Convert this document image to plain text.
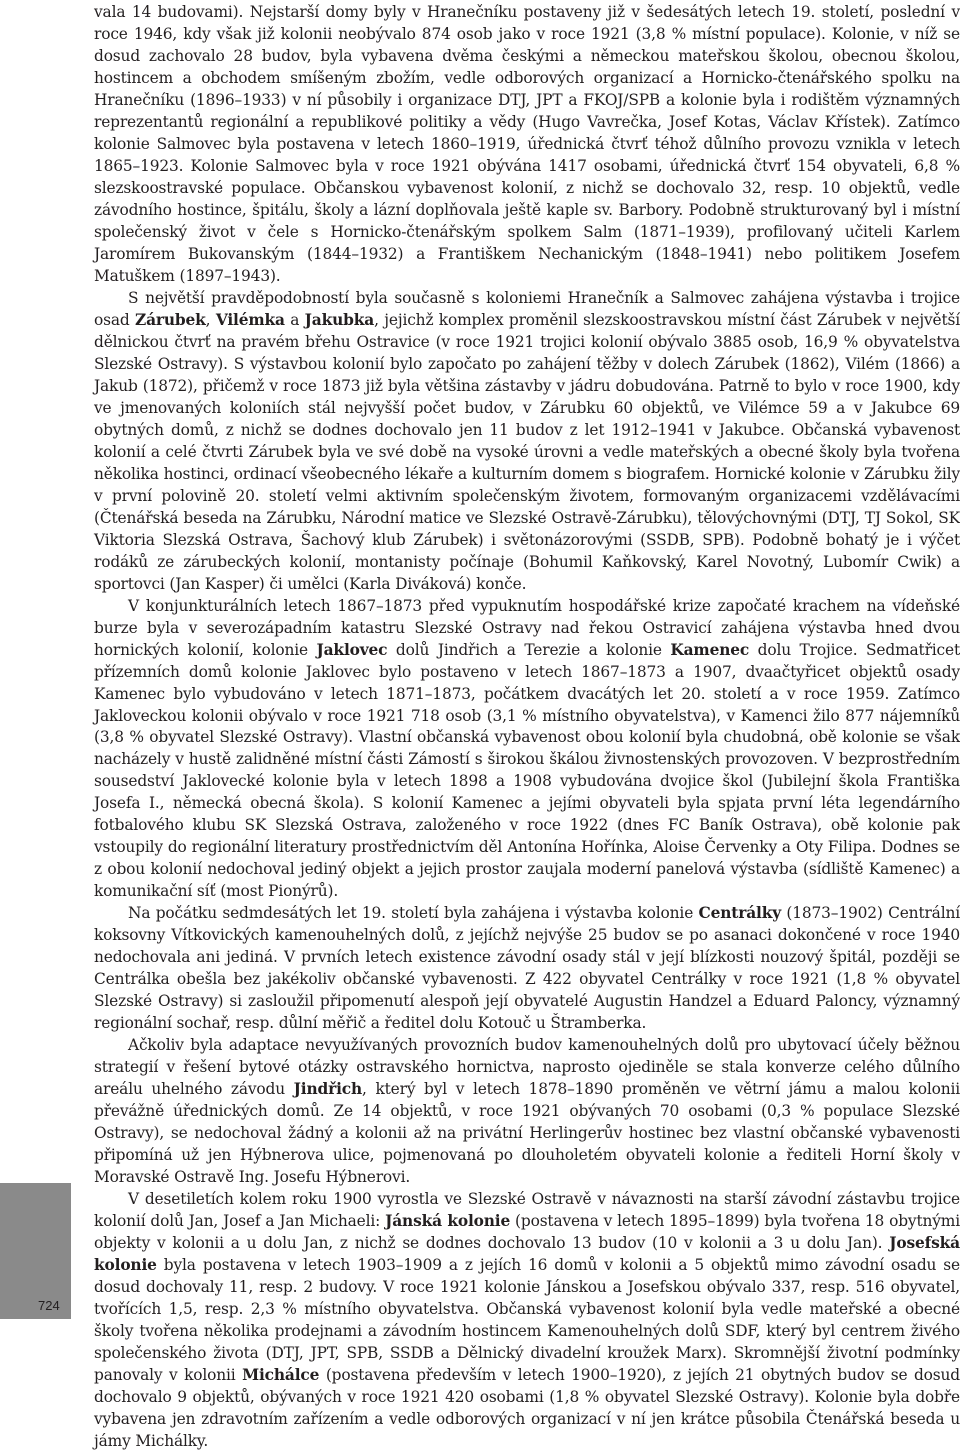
vala 14 budovami). Nejstarší domy byly v Hranečníku postaveny již v šedesátých letech 19. století, poslední v roce 1946, kdy však již kolonii neobývalo 874 osob jako v roce 1921 (3,8 % místní populace). Kolonie, v níž se dosud zachovalo 28 budov, byla vybavena dvěma českými a německou mateřskou školou, obecnou školou, hostincem a obchodem smíšeným zbožím, vedle odborových organizací a Hornicko-čtenářského spolku na Hranečníku (1896–1933) v ní působily i organizace DTJ, JPT a FKOJ/SPB a kolonie byla i rodištěm významných reprezentantů regionální a republikové politiky a vědy (Hugo Vavrečka, Josef Kotas, Václav Křístek). Zatímco kolonie Salmovec byla postavena v letech 1860–1919, úřednická čtvrť téhož důlního provozu vznikla v letech 1865–1923. Kolonie Salmovec byla v roce 1921 obývána 1417 osobami, úřednická čtvrť 154 obyvateli, 6,8 % slezskoostravské populace. Občanskou vybavenost kolonií, z nichž se dochovalo 32, resp. 10 objektů, vedle závodního hostince, špitálu, školy a lázní doplňovala ještě kaple sv. Barbory. Podobně strukturovaný byl i místní společenský život v čele s Hornicko-čtenářským spolkem Salm (1871–1939), profilovaný učiteli Karlem Jaromírem Bukovanským (1844–1932) a Františkem Nechanickým (1848–1941) nebo politikem Josefem Matuškem (1897–1943).

S největší pravděpodobností byla současně s koloniemi Hranečník a Salmovec zahájena výstavba i trojice osad Zárubek, Vilémka a Jakubka, jejichž komplex proměnil slezskoostravskou místní část Zárubek v největší dělnickou čtvrť na pravém břehu Ostravice (v roce 1921 trojici kolonií obývalo 3885 osob, 16,9 % obyvatelstva Slezské Ostravy). S výstavbou kolonií bylo započato po zahájení těžby v dolech Zárubek (1862), Vilém (1866) a Jakub (1872), přičemž v roce 1873 již byla většina zástavby v jádru dobudována. Patrně to bylo v roce 1900, kdy ve jmenovaných koloniích stál nejvyšší počet budov, v Zárubku 60 objektů, ve Vilémce 59 a v Jakubce 69 obytných domů, z nichž se dodnes dochovalo jen 11 budov z let 1912–1941 v Jakubce. Občanská vybavenost kolonií a celé čtvrti Zárubek byla ve své době na vysoké úrovni a vedle mateřských a obecné školy byla tvořena několika hostinci, ordinací všeobecného lékaře a kulturním domem s biografem. Hornické kolonie v Zárubku žily v první polovině 20. století velmi aktivním společenským životem, formovaným organizacemi vzdělávacími (Čtenářská beseda na Zárubku, Národní matice ve Slezské Ostravě-Zárubku), tělovýchovnými (DTJ, TJ Sokol, SK Viktoria Slezská Ostrava, Šachový klub Zárubek) i světonázorovými (SSDB, SPB). Podobně bohatý je i výčet rodáků ze zárubeckých kolonií, montanisty počínaje (Bohumil Kaňkovský, Karel Novotný, Lubomír Cwik) a sportovci (Jan Kasper) či umělci (Karla Diváková) konče.

V konjunkturálních letech 1867–1873 před vypuknutím hospodářské krize započaté krachem na vídeňské burze byla v severozápadním katastru Slezské Ostravy nad řekou Ostravicí zahájena výstavba hned dvou hornických kolonií, kolonie Jaklovec dolů Jindřich a Terezie a kolonie Kamenec dolu Trojice. Sedmatřicet přízemních domů kolonie Jaklovec bylo postaveno v letech 1867–1873 a 1907, dvaačtyřicet objektů osady Kamenec bylo vybudováno v letech 1871–1873, počátkem dvacátých let 20. století a v roce 1959. Zatímco Jakloveckou kolonii obývalo v roce 1921 718 osob (3,1 % místního obyvatelstva), v Kamenci žilo 877 nájemníků (3,8 % obyvatel Slezské Ostravy). Vlastní občanská vybavenost obou kolonií byla chudobná, obě kolonie se však nacházely v hustě zalidněné místní části Zámostí s širokou škálou živnostenských provozoven. V bezprostředním sousedství Jaklovecké kolonie byla v letech 1898 a 1908 vybudována dvojice škol (Jubilejní škola Františka Josefa I., německá obecná škola). S kolonií Kamenec a jejími obyvateli byla spjata první léta legendárního fotbalového klubu SK Slezská Ostrava, založeného v roce 1922 (dnes FC Baník Ostrava), obě kolonie pak vstoupily do regionální literatury prostřednictvím děl Antonína Hořínka, Aloise Červenky a Oty Filipa. Dodnes se z obou kolonií nedochoval jediný objekt a jejich prostor zaujala moderní panelová výstavba (sídliště Kamenec) a komunikační síť (most Pionýrů).

Na počátku sedmdesátých let 19. století byla zahájena i výstavba kolonie Centrálky (1873–1902) Centrální koksovny Vítkovických kamenouhelných dolů, z jejíchž nejvýše 25 budov se po asanaci dokončené v roce 1940 nedochovala ani jediná. V prvních letech existence závodní osady stál v její blízkosti nouzový špitál, později se Centrálka obešla bez jakékoliv občanské vybavenosti. Z 422 obyvatel Centrálky v roce 1921 (1,8 % obyvatel Slezské Ostravy) si zasloužil připomenutí alespoň její obyvatelé Augustin Handzel a Eduard Palonсy, významný regionální sochař, resp. důlní měřič a ředitel dolu Kotouč u Štramberka.

Ačkoliv byla adaptace nevyužívaných provozních budov kamenouhelných dolů pro ubytovací účely běžnou strategií v řešení bytové otázky ostravského hornictva, naprosto ojediněle se stala konverze celého důlního areálu uhelného závodu Jindřich, který byl v letech 1878–1890 proměněn ve větrní jámu a malou kolonii převážně úřednických domů. Ze 14 objektů, v roce 1921 obývaných 70 osobami (0,3 % populace Slezské Ostravy), se nedochoval žádný a kolonii až na privátní Herlingerův hostinec bez vlastní občanské vybavenosti připomíná už jen Hýbnerova ulice, pojmenovaná po dlouholetém obyvateli kolonie a řediteli Horní školy v Moravské Ostravě Ing. Josefu Hýbnerovi.

V desetiletích kolem roku 1900 vyrostla ve Slezské Ostravě v návaznosti na starší závodní zástavbu trojice kolonií dolů Jan, Josef a Jan Michaeli: Jánská kolonie (postavena v letech 1895–1899) byla tvořena 18 obytnými objekty v kolonii a u dolu Jan, z nichž se dodnes dochovalo 13 budov (10 v kolonii a 3 u dolu Jan). Josefská kolonie byla postavena v letech 1903–1909 a z jejích 16 domů v kolonii a 5 objektů mimo závodní osadu se dosud dochovaly 11, resp. 2 budovy. V roce 1921 kolonie Jánskou a Josefskou obývalo 337, resp. 516 obyvatel, tvořících 1,5, resp. 2,3 % místního obyvatelstva. Občanská vybavenost kolonií byla vedle mateřské a obecné školy tvořena několika prodejnami a závodním hostincem Kamenouhelných dolů SDF, který byl centrem živého společenského života (DTJ, JPT, SPB, SSDB a Dělnický divadelní kroužek Marx). Skromnější životní podmínky panovaly v kolonii Michálce (postavena především v letech 1900–1920), z jejích 21 obytných budov se dosud dochovalo 9 objektů, obývaných v roce 1921 420 osobami (1,8 % obyvatel Slezské Ostravy). Kolonie byla dobře vybavena jen zdravotním zařízením a vedle odborových organizací v ní jen krátce působila Čtenářská beseda u jámy Michálky.

724
